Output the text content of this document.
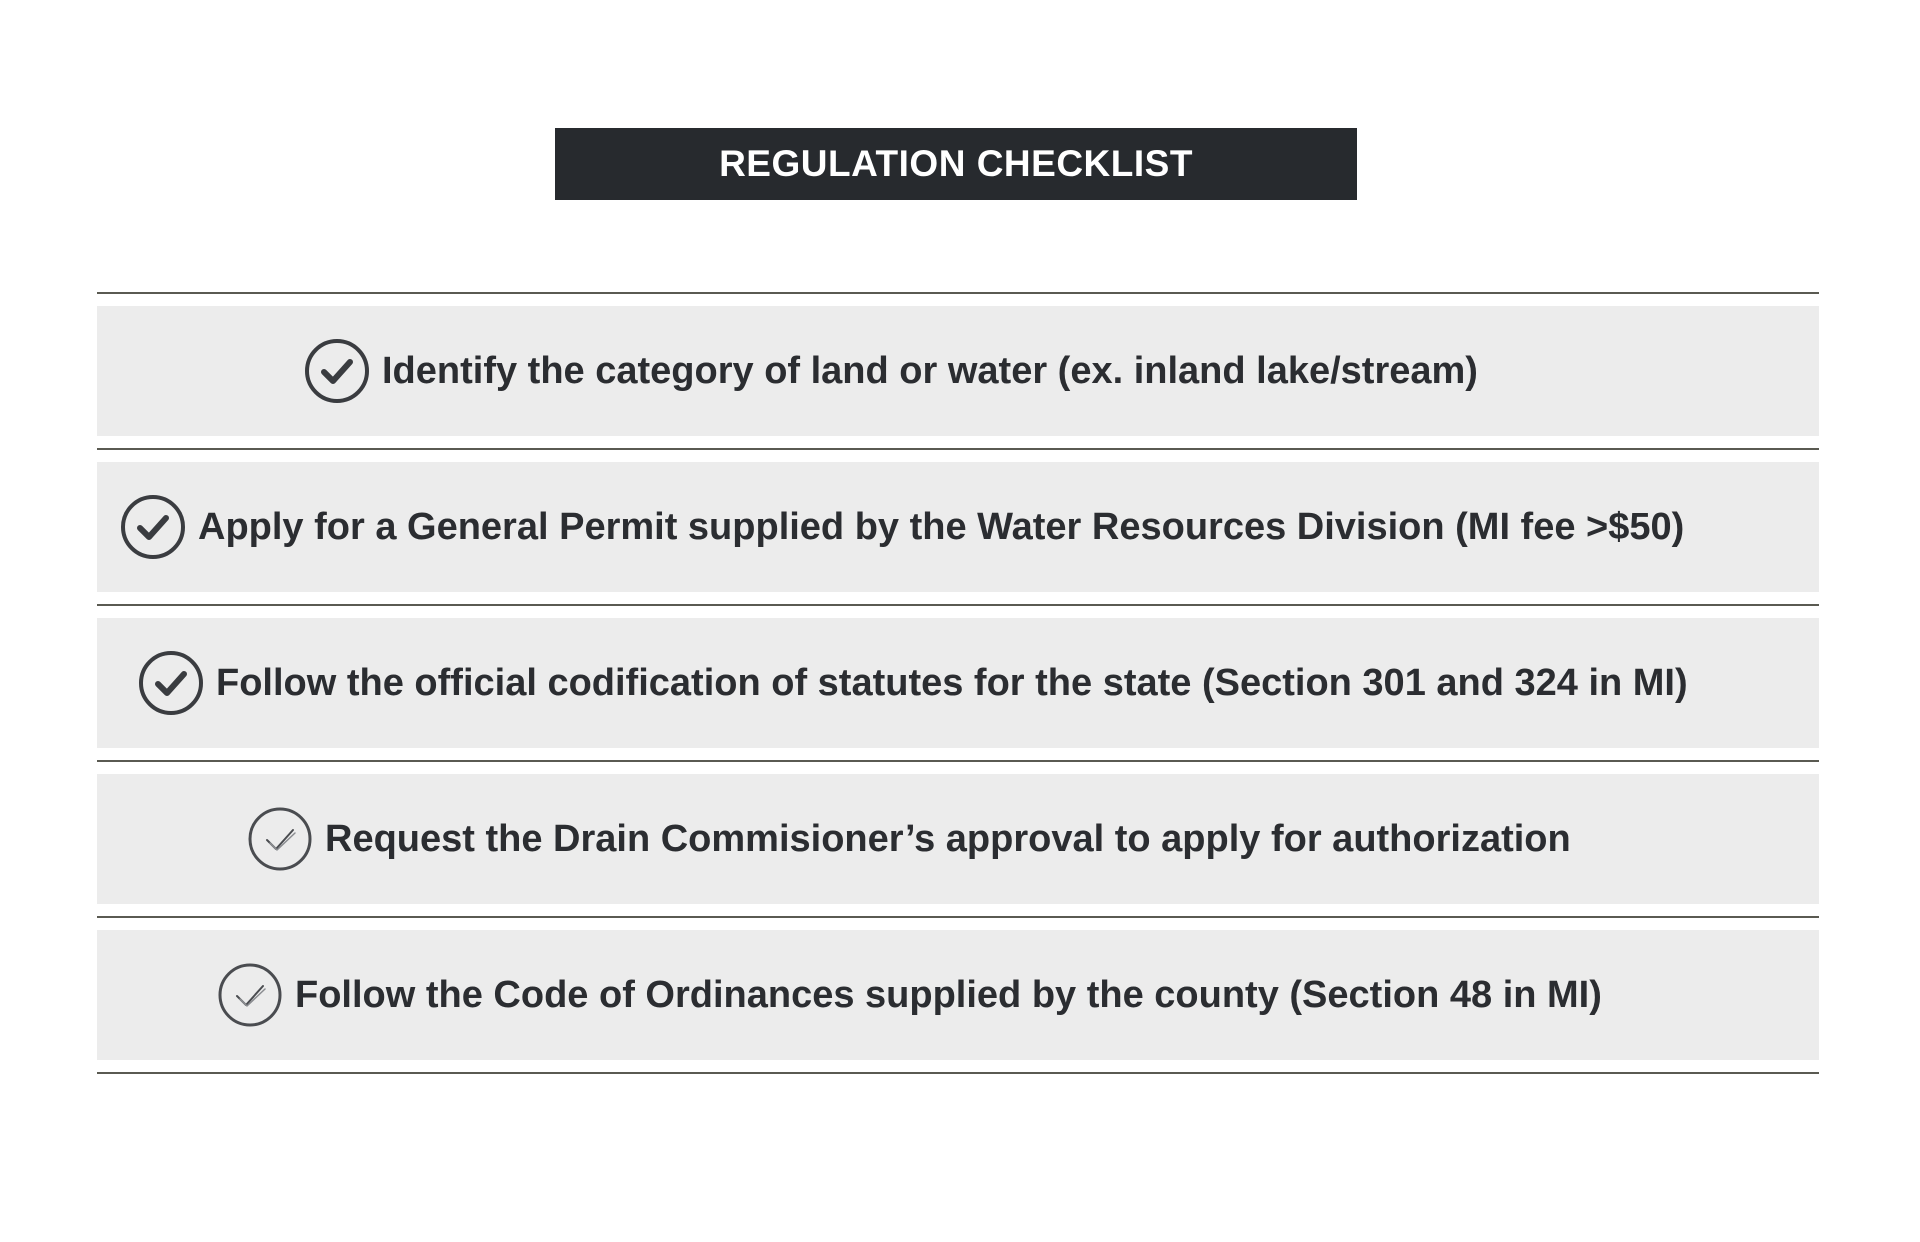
REGULATION CHECKLIST
Identify the category of land or water (ex. inland lake/stream)
Apply for a General Permit supplied by the Water Resources Division (MI fee >$50)
Follow the official codification of statutes for the state (Section 301 and 324 in MI)
Request the Drain Commisioner’s approval to apply for authorization
Follow the Code of Ordinances supplied by the county (Section 48 in MI)
